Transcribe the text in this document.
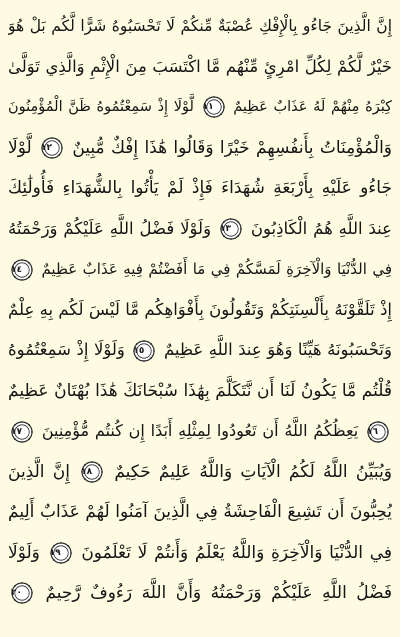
إِنَّ الَّذِينَ جَاءُو بِالْإِفْكِ عُصْبَةٌ مِّنكُمْ لَا تَحْسَبُوهُ شَرًّا لَّكُم بَلْ هُوَ
خَيْرٌ لَّكُمْ لِكُلِّ امْرِئٍ مِّنْهُم مَّا اكْتَسَبَ مِنَ الْإِثْمِ وَالَّذِي تَوَلَّىٰ
كِبْرَهُ مِنْهُمْ لَهُ عَذَابٌ عَظِيمٌ
١١
لَّوْلَا إِذْ سَمِعْتُمُوهُ ظَنَّ الْمُؤْمِنُونَ
وَالْمُؤْمِنَاتُ بِأَنفُسِهِمْ خَيْرًا وَقَالُوا هَٰذَا إِفْكٌ مُّبِينٌ
١٢
لَّوْلَا
جَاءُو عَلَيْهِ بِأَرْبَعَةِ شُهَدَاءَ فَإِذْ لَمْ يَأْتُوا بِالشُّهَدَاءِ فَأُولَٰئِكَ
عِندَ اللَّهِ هُمُ الْكَاذِبُونَ
١٣
وَلَوْلَا فَضْلُ اللَّهِ عَلَيْكُمْ وَرَحْمَتُهُ
فِي الدُّنْيَا وَالْآخِرَةِ لَمَسَّكُمْ فِي مَا أَفَضْتُمْ فِيهِ عَذَابٌ عَظِيمٌ
١٤
إِذْ تَلَقَّوْنَهُ بِأَلْسِنَتِكُمْ وَتَقُولُونَ بِأَفْوَاهِكُم مَّا لَيْسَ لَكُم بِهِ عِلْمٌ
وَتَحْسَبُونَهُ هَيِّنًا وَهُوَ عِندَ اللَّهِ عَظِيمٌ
١٥
وَلَوْلَا إِذْ سَمِعْتُمُوهُ
قُلْتُم مَّا يَكُونُ لَنَا أَن نَّتَكَلَّمَ بِهَٰذَا سُبْحَانَكَ هَٰذَا بُهْتَانٌ عَظِيمٌ
١٦
يَعِظُكُمُ اللَّهُ أَن تَعُودُوا لِمِثْلِهِ أَبَدًا إِن كُنتُم مُّؤْمِنِينَ
١٧
وَيُبَيِّنُ اللَّهُ لَكُمُ الْآيَاتِ وَاللَّهُ عَلِيمٌ حَكِيمٌ
١٨
إِنَّ الَّذِينَ
يُحِبُّونَ أَن تَشِيعَ الْفَاحِشَةُ فِي الَّذِينَ آمَنُوا لَهُمْ عَذَابٌ أَلِيمٌ
فِي الدُّنْيَا وَالْآخِرَةِ وَاللَّهُ يَعْلَمُ وَأَنتُمْ لَا تَعْلَمُونَ
١٩
وَلَوْلَا
فَضْلُ اللَّهِ عَلَيْكُمْ وَرَحْمَتُهُ وَأَنَّ اللَّهَ رَءُوفٌ رَّحِيمٌ
٢٠
